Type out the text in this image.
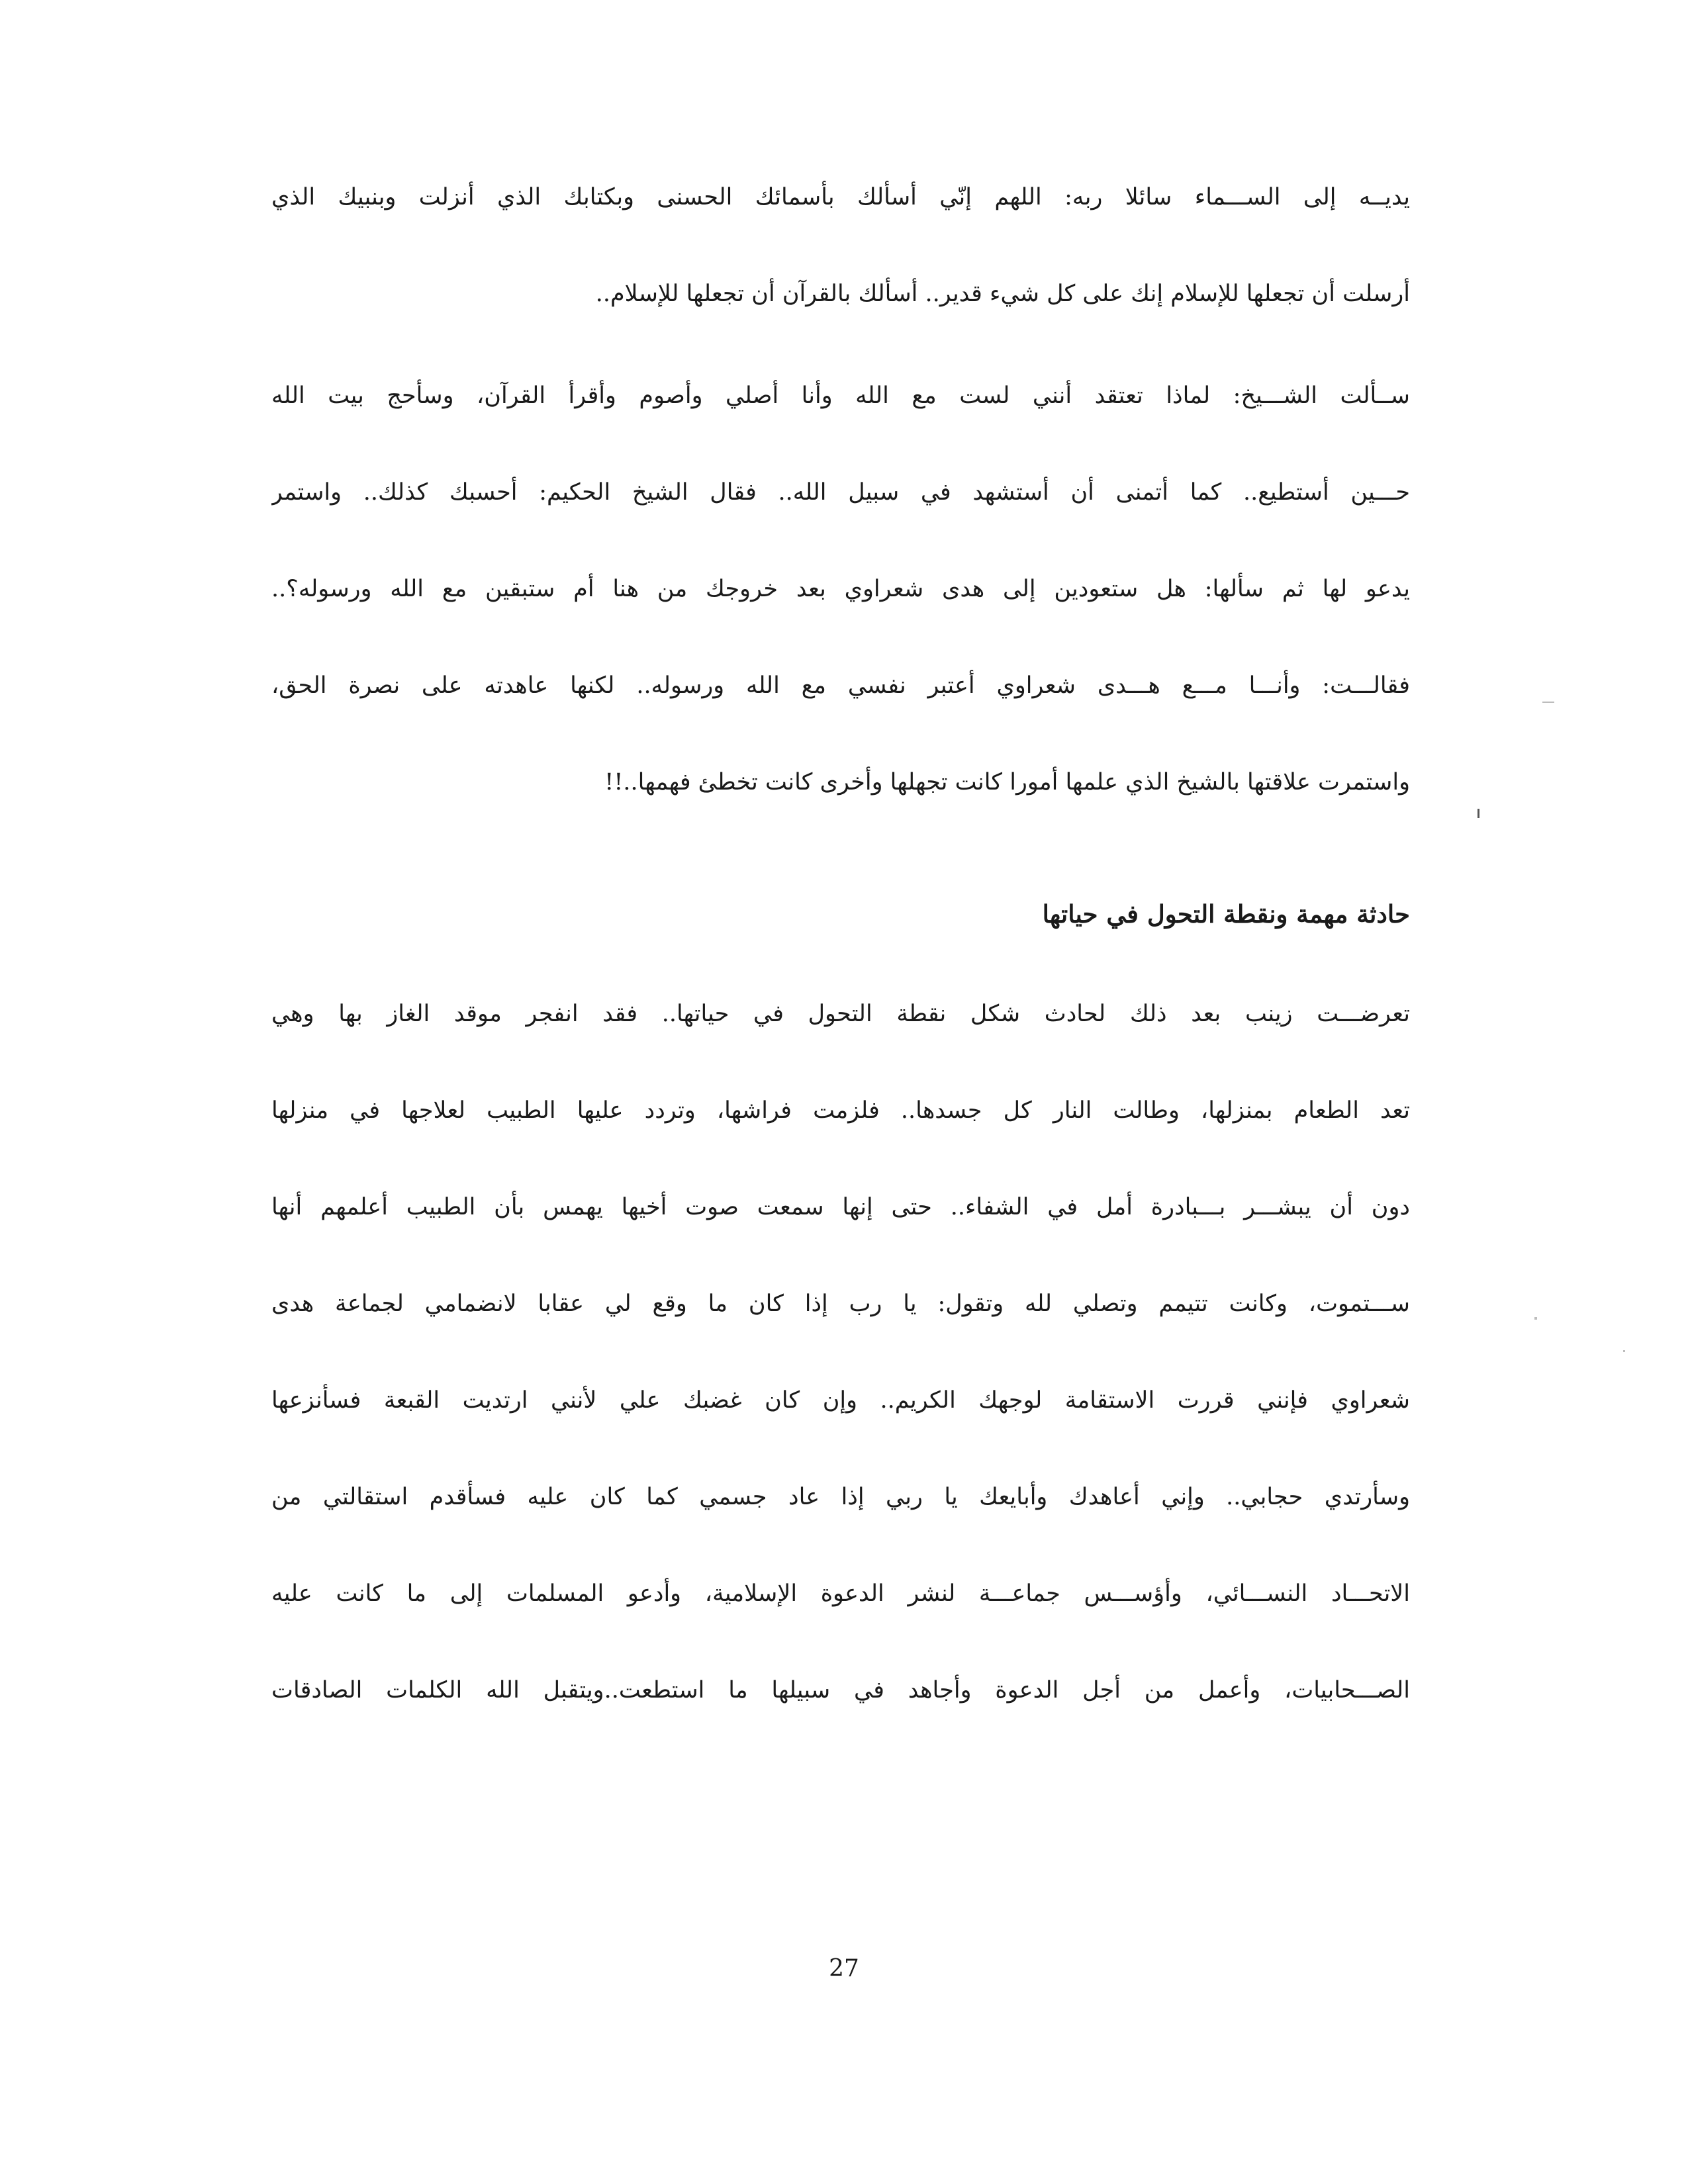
يديــه إلى الســـماء سائلا ربه: اللهم إنّي أسألك بأسمائك الحسنى وبكتابك الذي أنزلت وبنبيك الذي
أرسلت أن تجعلها للإسلام إنك على كل شيء قدير.. أسألك بالقرآن أن تجعلها للإسلام..
ســألت الشـــيخ: لماذا تعتقد أنني لست مع الله وأنا أصلي وأصوم وأقرأ القرآن، وسأحج بيت الله
حـــين أستطيع.. كما أتمنى أن أستشهد في سبيل الله.. فقال الشيخ الحكيم: أحسبك كذلك.. واستمر
يدعو لها ثم سألها: هل ستعودين إلى هدى شعراوي بعد خروجك من هنا أم ستبقين مع الله ورسوله؟..
فقالـــت: وأنـــا مـــع هـــدى شعراوي أعتبر نفسي مع الله ورسوله.. لكنها عاهدته على نصرة الحق،
واستمرت علاقتها بالشيخ الذي علمها أمورا كانت تجهلها وأخرى كانت تخطئ فهمها..!!
حادثة مهمة ونقطة التحول في حياتها
تعرضـــت زينب بعد ذلك لحادث شكل نقطة التحول في حياتها.. فقد انفجر موقد الغاز بها وهي
تعد الطعام بمنزلها، وطالت النار كل جسدها.. فلزمت فراشها، وتردد عليها الطبيب لعلاجها في منزلها
دون أن يبشـــر بـــبادرة أمل في الشفاء.. حتى إنها سمعت صوت أخيها يهمس بأن الطبيب أعلمهم أنها
ســـتموت، وكانت تتيمم وتصلي لله وتقول: يا رب إذا كان ما وقع لي عقابا لانضمامي لجماعة هدى
شعراوي فإنني قررت الاستقامة لوجهك الكريم.. وإن كان غضبك علي لأنني ارتديت القبعة فسأنزعها
وسأرتدي حجابي.. وإني أعاهدك وأبايعك يا ربي إذا عاد جسمي كما كان عليه فسأقدم استقالتي من
الاتحـــاد النســـائي، وأؤســـس جماعـــة لنشر الدعوة الإسلامية، وأدعو المسلمات إلى ما كانت عليه
الصـــحابيات، وأعمل من أجل الدعوة وأجاهد في سبيلها ما استطعت..ويتقبل الله الكلمات الصادقات
27
